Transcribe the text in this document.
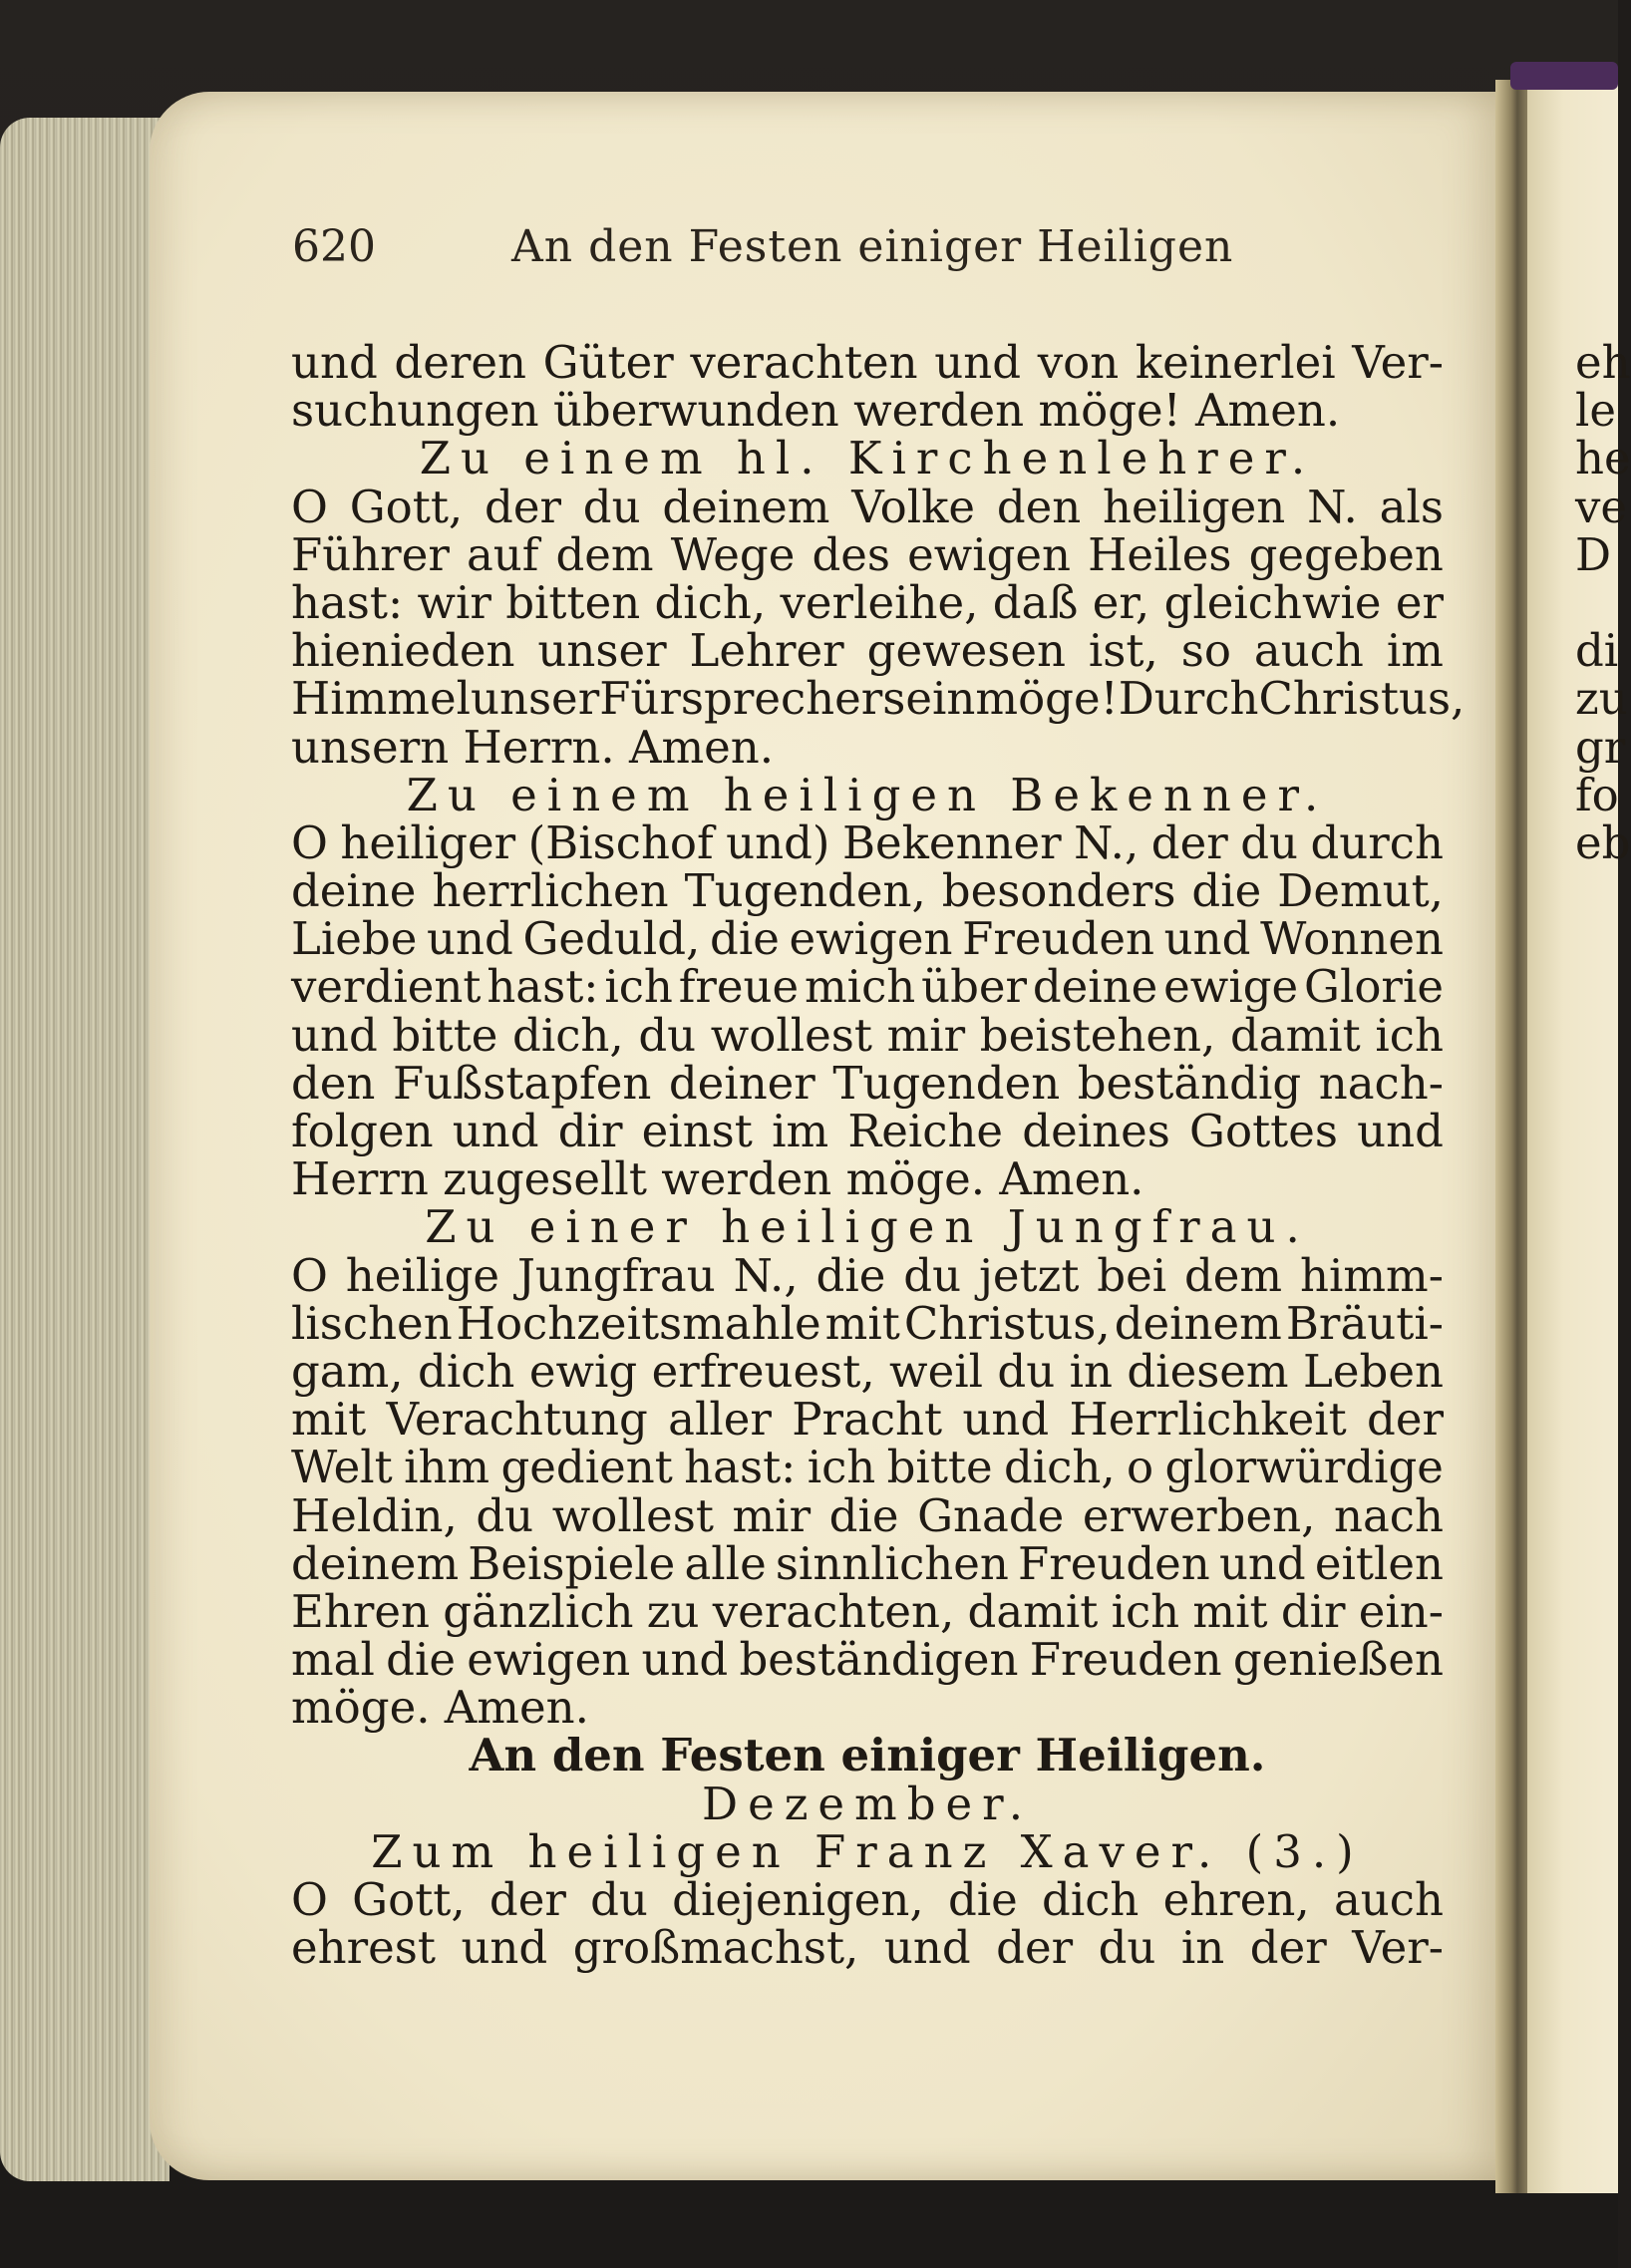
620	An den Festen einiger Heiligen
und deren Güter verachten und von keinerlei Ver-
suchungen überwunden werden möge! Amen.
Zu einem hl. Kirchenlehrer.
O Gott, der du deinem Volke den heiligen N. als
Führer auf dem Wege des ewigen Heiles gegeben
hast: wir bitten dich, verleihe, daß er, gleichwie er
hienieden unser Lehrer gewesen ist, so auch im
Himmel unser Fürsprecher sein möge! Durch Christus,
unsern Herrn. Amen.
Zu einem heiligen Bekenner.
O heiliger (Bischof und) Bekenner N., der du durch
deine herrlichen Tugenden, besonders die Demut,
Liebe und Geduld, die ewigen Freuden und Wonnen
verdient hast: ich freue mich über deine ewige Glorie
und bitte dich, du wollest mir beistehen, damit ich
den Fußstapfen deiner Tugenden beständig nach-
folgen und dir einst im Reiche deines Gottes und
Herrn zugesellt werden möge. Amen.
Zu einer heiligen Jungfrau.
O heilige Jungfrau N., die du jetzt bei dem himm-
lischen Hochzeitsmahle mit Christus, deinem Bräuti-
gam, dich ewig erfreuest, weil du in diesem Leben
mit Verachtung aller Pracht und Herrlichkeit der
Welt ihm gedient hast: ich bitte dich, o glorwürdige
Heldin, du wollest mir die Gnade erwerben, nach
deinem Beispiele alle sinnlichen Freuden und eitlen
Ehren gänzlich zu verachten, damit ich mit dir ein-
mal die ewigen und beständigen Freuden genießen
möge. Amen.
An den Festen einiger Heiligen.
Dezember.
Zum heiligen Franz Xaver. (3.)
O Gott, der du diejenigen, die dich ehren, auch
ehrest und großmachst, und der du in der Ver-
eh
le
he
ve
D
di
zu
gr
fo
eb
